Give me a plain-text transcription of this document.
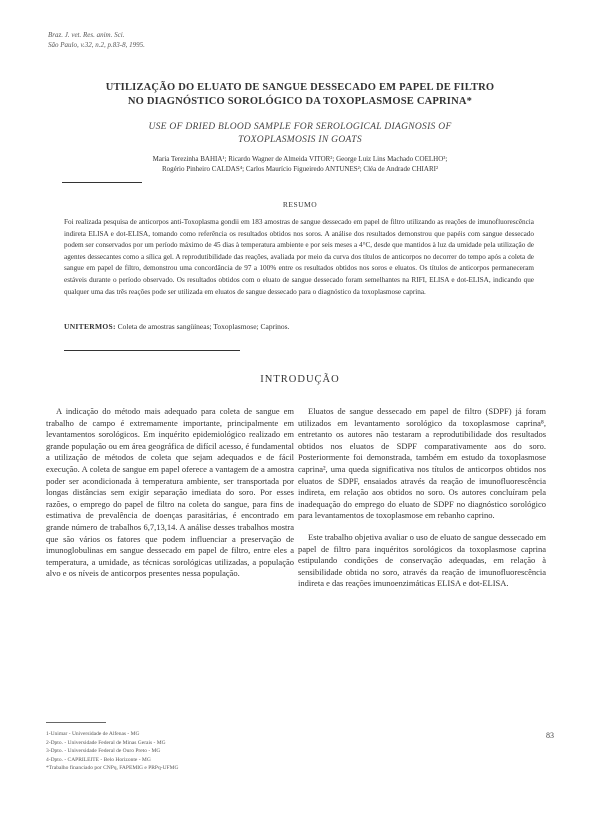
Braz. J. vet. Res. anim. Sci.
São Paulo, v.32, n.2, p.83-8, 1995.
UTILIZAÇÃO DO ELUATO DE SANGUE DESSECADO EM PAPEL DE FILTRO
NO DIAGNÓSTICO SOROLÓGICO DA TOXOPLASMOSE CAPRINA*
USE OF DRIED BLOOD SAMPLE FOR SEROLOGICAL DIAGNOSIS OF
TOXOPLASMOSIS IN GOATS
Maria Terezinha BAHIA¹; Ricardo Wagner de Almeida VITOR²; George Luiz Lins Machado COELHO³;
Rogério Pinheiro CALDAS⁴; Carlos Maurício Figueiredo ANTUNES²; Cléa de Andrade CHIARI²
RESUMO
Foi realizada pesquisa de anticorpos anti-Toxoplasma gondii em 183 amostras de sangue dessecado em papel de filtro utilizando as reações de imunofluorescência indireta ELISA e dot-ELISA, tomando como referência os resultados obtidos nos soros. A análise dos resultados demonstrou que papéis com sangue dessecado podem ser conservados por um período máximo de 45 dias à temperatura ambiente e por seis meses a 4°C, desde que mantidos à luz da umidade pela utilização de agentes dessecantes como a sílica gel. A reprodutibilidade das reações, avaliada por meio da curva dos títulos de anticorpos no decorrer do tempo após a coleta de sangue em papel de filtro, demonstrou uma concordância de 97 a 100% entre os resultados obtidos nos soros e eluatos. Os títulos de anticorpos permaneceram estáveis durante o período observado. Os resultados obtidos com o eluato de sangue dessecado foram semelhantes na RIFI, ELISA e dot-ELISA, indicando que qualquer uma das três reações pode ser utilizada em eluatos de sangue dessecado para o diagnóstico da toxoplasmose caprina.
UNITERMOS: Coleta de amostras sangüíneas; Toxoplasmose; Caprinos.
INTRODUÇÃO

A indicação do método mais adequado para coleta de sangue em trabalho de campo é extremamente importante, principalmente em levantamentos sorológicos. Em inquérito epidemiológico realizado em grande população ou em área geográfica de difícil acesso, é fundamental a utilização de métodos de coleta que sejam adequados e de fácil execução. A coleta de sangue em papel oferece a vantagem de a amostra poder ser acondicionada à temperatura ambiente, ser transportada por longas distâncias sem exigir separação imediata do soro. Por esses razões, o emprego do papel de filtro na coleta do sangue, para fins de estimativa de prevalência de doenças parasitárias, é encontrado em grande número de trabalhos 6,7,13,14. A análise desses trabalhos mostra que são vários os fatores que podem influenciar a preservação de imunoglobulinas em sangue dessecado em papel de filtro, entre eles a temperatura, a umidade, as técnicas sorológicas utilizadas, a população alvo e os níveis de anticorpos presentes nessa população.

Eluatos de sangue dessecado em papel de filtro (SDPF) já foram utilizados em levantamento sorológico da toxoplasmose caprina⁸, entretanto os autores não testaram a reprodutibilidade dos resultados obtidos nos eluatos de SDPF comparativamente aos do soro. Posteriormente foi demonstrada, também em estudo da toxoplasmose caprina², uma queda significativa nos títulos de anticorpos obtidos nos eluatos de SDPF, ensaiados através da reação de imunofluorescência indireta, em relação aos obtidos no soro. Os autores concluíram pela inadequação do emprego do eluato de SDPF no diagnóstico sorológico para levantamentos de toxoplasmose em rebanho caprino.

Este trabalho objetiva avaliar o uso de eluato de sangue dessecado em papel de filtro para inquéritos sorológicos da toxoplasmose caprina estipulando condições de conservação adequadas, em relação à sensibilidade obtida no soro, através da reação de imunofluorescência indireta e das reações imunoenzimáticas ELISA e dot-ELISA.

1-Unimar - Universidade de Alfenas - MG
2-Dpto. - Universidade Federal de Minas Gerais - MG
3-Dpto. - Universidade Federal de Ouro Preto - MG
4-Dpto. - CAPRILEITE - Belo Horizonte - MG
*Trabalho financiado por CNPq, FAPEMIG e PRPq-UFMG
83
